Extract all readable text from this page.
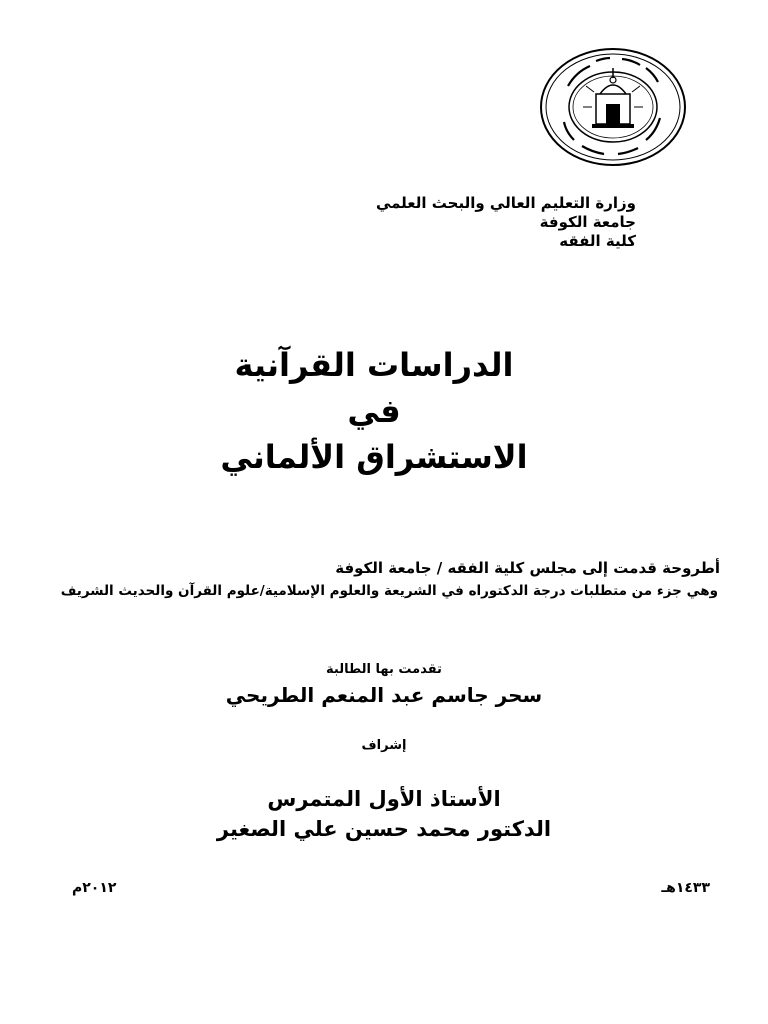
وزارة التعليم العالي والبحث العلمي
جامعة الكوفة
كلية الفقه
الدراسات القرآنية
في
الاستشراق الألماني
أطروحة قدمت إلى مجلس كلية الفقه / جامعة الكوفة
وهي جزء من متطلبات درجة الدكتوراه في الشريعة والعلوم الإسلامية/علوم القرآن والحديث الشريف
تقدمت بها الطالبة
سحر جاسم عبد المنعم الطريحي
إشراف
الأستاذ الأول المتمرس
الدكتور محمد حسين علي الصغير
١٤٣٣هـ
٢٠١٢م
